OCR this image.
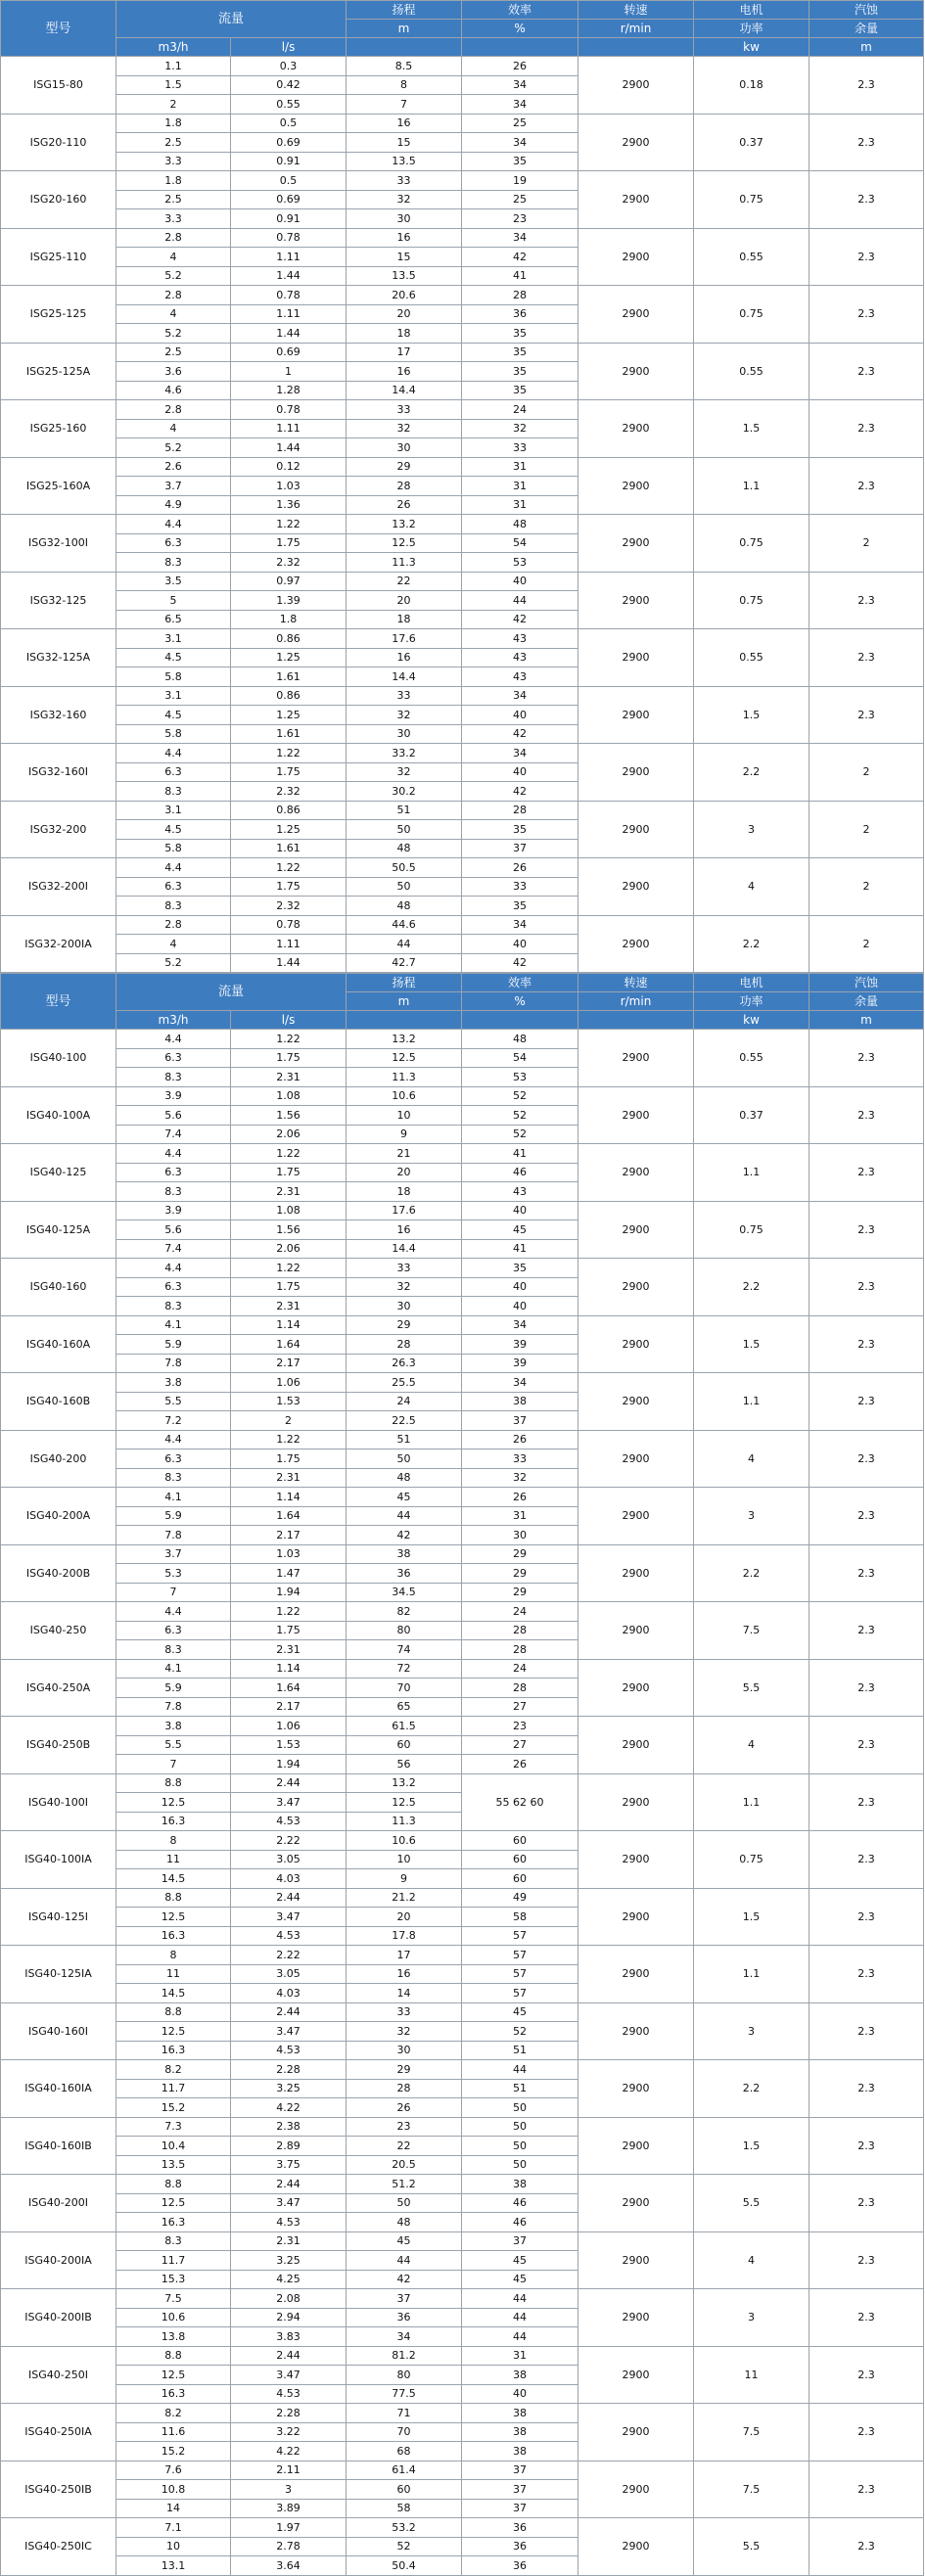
型号	流量		扬程	效率	转速	电机	汽蚀
			m	%	r/min	功率	余量
	m3/h	l/s				kw	m
ISG15-80	1.1	0.3	8.5	26	2900	0.18	2.3
	1.5	0.42	8	34			
	2	0.55	7	34			
ISG20-110	1.8	0.5	16	25	2900	0.37	2.3
	2.5	0.69	15	34			
	3.3	0.91	13.5	35			
ISG20-160	1.8	0.5	33	19	2900	0.75	2.3
	2.5	0.69	32	25			
	3.3	0.91	30	23			
ISG25-110	2.8	0.78	16	34	2900	0.55	2.3
	4	1.11	15	42			
	5.2	1.44	13.5	41			
ISG25-125	2.8	0.78	20.6	28	2900	0.75	2.3
	4	1.11	20	36			
	5.2	1.44	18	35			
ISG25-125A	2.5	0.69	17	35	2900	0.55	2.3
	3.6	1	16	35			
	4.6	1.28	14.4	35			
ISG25-160	2.8	0.78	33	24	2900	1.5	2.3
	4	1.11	32	32			
	5.2	1.44	30	33			
ISG25-160A	2.6	0.12	29	31	2900	1.1	2.3
	3.7	1.03	28	31			
	4.9	1.36	26	31			
ISG32-100I	4.4	1.22	13.2	48	2900	0.75	2
	6.3	1.75	12.5	54			
	8.3	2.32	11.3	53			
ISG32-125	3.5	0.97	22	40	2900	0.75	2.3
	5	1.39	20	44			
	6.5	1.8	18	42			
ISG32-125A	3.1	0.86	17.6	43	2900	0.55	2.3
	4.5	1.25	16	43			
	5.8	1.61	14.4	43			
ISG32-160	3.1	0.86	33	34	2900	1.5	2.3
	4.5	1.25	32	40			
	5.8	1.61	30	42			
ISG32-160I	4.4	1.22	33.2	34	2900	2.2	2
	6.3	1.75	32	40			
	8.3	2.32	30.2	42			
ISG32-200	3.1	0.86	51	28	2900	3	2
	4.5	1.25	50	35			
	5.8	1.61	48	37			
ISG32-200I	4.4	1.22	50.5	26	2900	4	2
	6.3	1.75	50	33			
	8.3	2.32	48	35			
ISG32-200IA	2.8	0.78	44.6	34	2900	2.2	2
	4	1.11	44	40			
	5.2	1.44	42.7	42			
型号	流量		扬程	效率	转速	电机	汽蚀
			m	%	r/min	功率	余量
	m3/h	l/s				kw	m
ISG40-100	4.4	1.22	13.2	48	2900	0.55	2.3
	6.3	1.75	12.5	54			
	8.3	2.31	11.3	53			
ISG40-100A	3.9	1.08	10.6	52	2900	0.37	2.3
	5.6	1.56	10	52			
	7.4	2.06	9	52			
ISG40-125	4.4	1.22	21	41	2900	1.1	2.3
	6.3	1.75	20	46			
	8.3	2.31	18	43			
ISG40-125A	3.9	1.08	17.6	40	2900	0.75	2.3
	5.6	1.56	16	45			
	7.4	2.06	14.4	41			
ISG40-160	4.4	1.22	33	35	2900	2.2	2.3
	6.3	1.75	32	40			
	8.3	2.31	30	40			
ISG40-160A	4.1	1.14	29	34	2900	1.5	2.3
	5.9	1.64	28	39			
	7.8	2.17	26.3	39			
ISG40-160B	3.8	1.06	25.5	34	2900	1.1	2.3
	5.5	1.53	24	38			
	7.2	2	22.5	37			
ISG40-200	4.4	1.22	51	26	2900	4	2.3
	6.3	1.75	50	33			
	8.3	2.31	48	32			
ISG40-200A	4.1	1.14	45	26	2900	3	2.3
	5.9	1.64	44	31			
	7.8	2.17	42	30			
ISG40-200B	3.7	1.03	38	29	2900	2.2	2.3
	5.3	1.47	36	29			
	7	1.94	34.5	29			
ISG40-250	4.4	1.22	82	24	2900	7.5	2.3
	6.3	1.75	80	28			
	8.3	2.31	74	28			
ISG40-250A	4.1	1.14	72	24	2900	5.5	2.3
	5.9	1.64	70	28			
	7.8	2.17	65	27			
ISG40-250B	3.8	1.06	61.5	23	2900	4	2.3
	5.5	1.53	60	27			
	7	1.94	56	26			
ISG40-100I	8.8	2.44	13.2	55 62 60	2900	1.1	2.3
	12.5	3.47	12.5				
	16.3	4.53	11.3				
ISG40-100IA	8	2.22	10.6	60	2900	0.75	2.3
	11	3.05	10	60			
	14.5	4.03	9	60			
ISG40-125I	8.8	2.44	21.2	49	2900	1.5	2.3
	12.5	3.47	20	58			
	16.3	4.53	17.8	57			
ISG40-125IA	8	2.22	17	57	2900	1.1	2.3
	11	3.05	16	57			
	14.5	4.03	14	57			
ISG40-160I	8.8	2.44	33	45	2900	3	2.3
	12.5	3.47	32	52			
	16.3	4.53	30	51			
ISG40-160IA	8.2	2.28	29	44	2900	2.2	2.3
	11.7	3.25	28	51			
	15.2	4.22	26	50			
ISG40-160IB	7.3	2.38	23	50	2900	1.5	2.3
	10.4	2.89	22	50			
	13.5	3.75	20.5	50			
ISG40-200I	8.8	2.44	51.2	38	2900	5.5	2.3
	12.5	3.47	50	46			
	16.3	4.53	48	46			
ISG40-200IA	8.3	2.31	45	37	2900	4	2.3
	11.7	3.25	44	45			
	15.3	4.25	42	45			
ISG40-200IB	7.5	2.08	37	44	2900	3	2.3
	10.6	2.94	36	44			
	13.8	3.83	34	44			
ISG40-250I	8.8	2.44	81.2	31	2900	11	2.3
	12.5	3.47	80	38			
	16.3	4.53	77.5	40			
ISG40-250IA	8.2	2.28	71	38	2900	7.5	2.3
	11.6	3.22	70	38			
	15.2	4.22	68	38			
ISG40-250IB	7.6	2.11	61.4	37	2900	7.5	2.3
	10.8	3	60	37			
	14	3.89	58	37			
ISG40-250IC	7.1	1.97	53.2	36	2900	5.5	2.3
	10	2.78	52	36			
	13.1	3.64	50.4	36			
